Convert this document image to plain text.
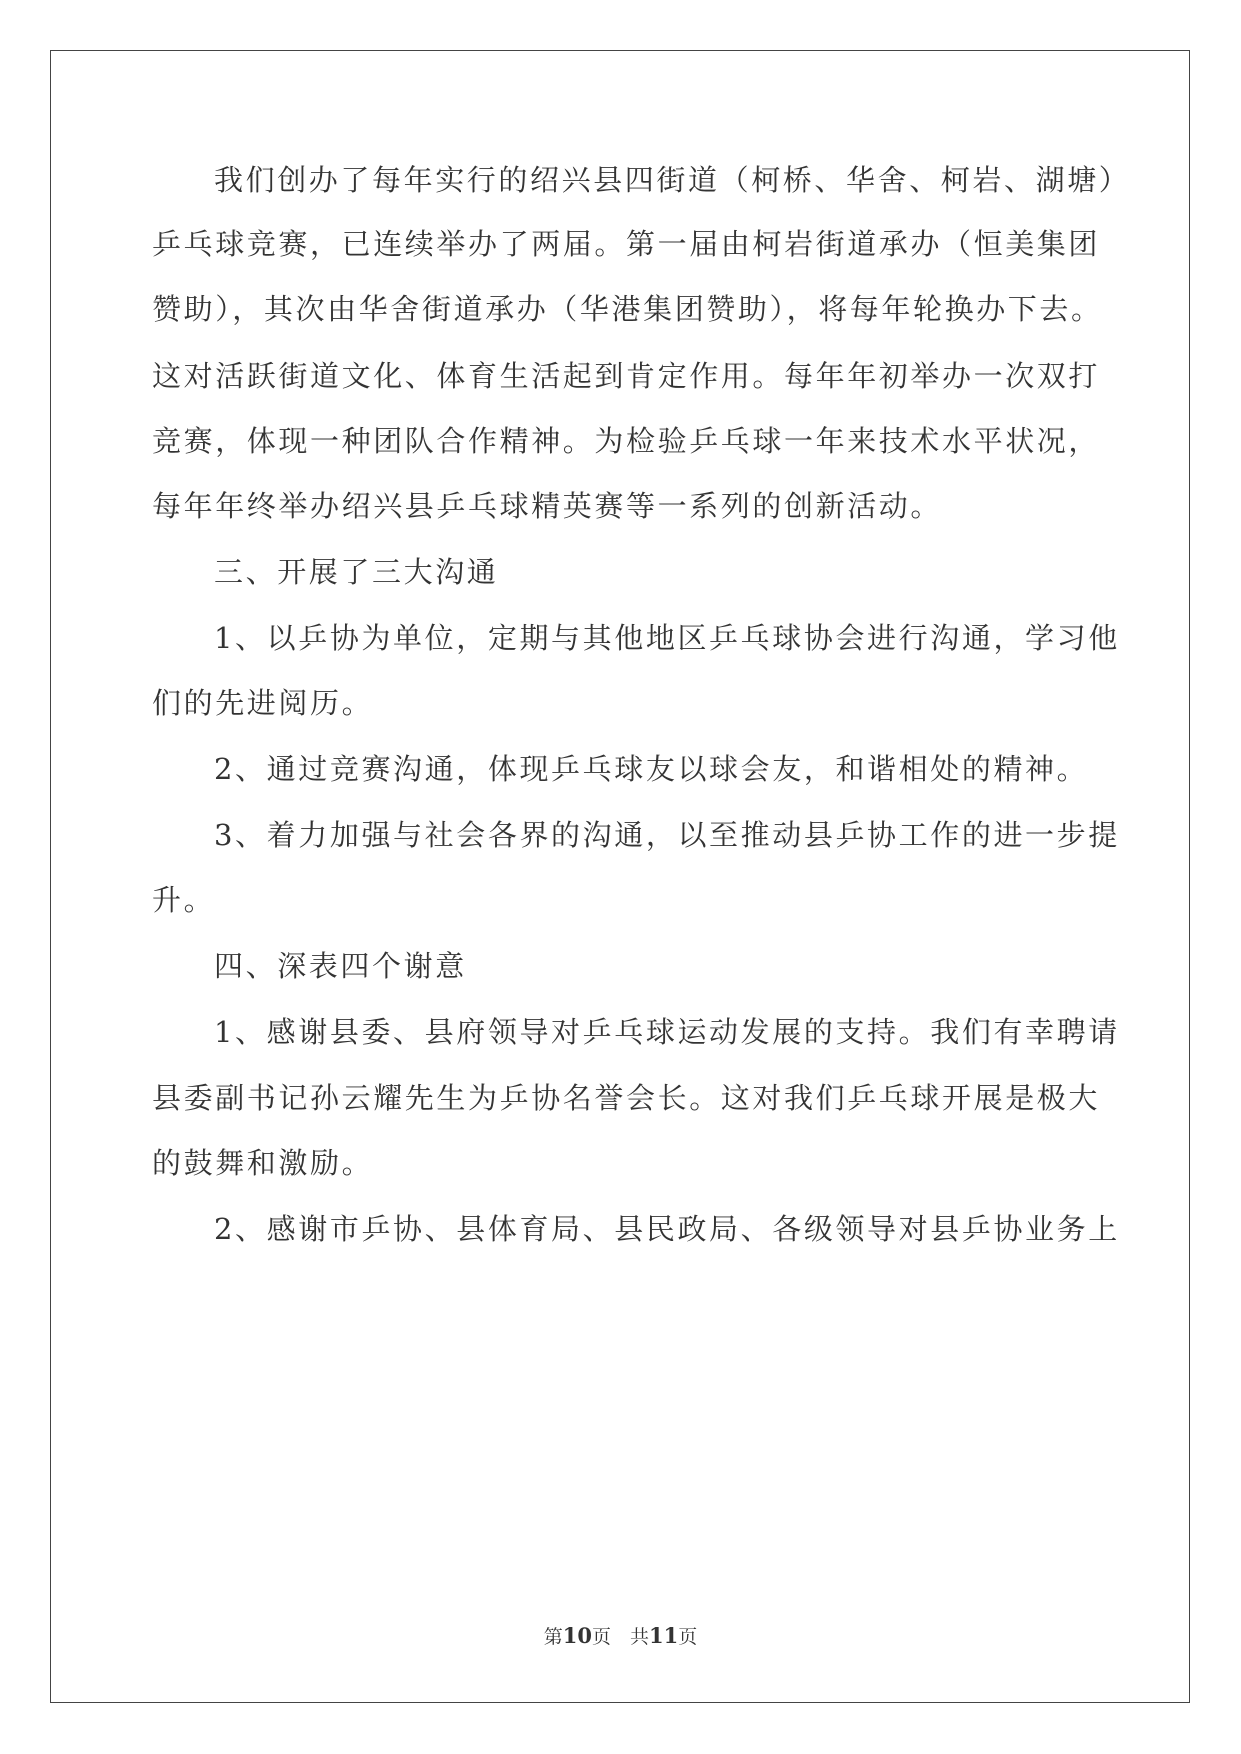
我们创办了每年实行的绍兴县四街道（柯桥、华舍、柯岩、湖塘）
乒乓球竞赛，已连续举办了两届。第一届由柯岩街道承办（恒美集团
赞助），其次由华舍街道承办（华港集团赞助），将每年轮换办下去。
这对活跃街道文化、体育生活起到肯定作用。每年年初举办一次双打
竞赛，体现一种团队合作精神。为检验乒乓球一年来技术水平状况，
每年年终举办绍兴县乒乓球精英赛等一系列的创新活动。
三、开展了三大沟通
1、以乒协为单位，定期与其他地区乒乓球协会进行沟通，学习他
们的先进阅历。
2、通过竞赛沟通，体现乒乓球友以球会友，和谐相处的精神。
3、着力加强与社会各界的沟通，以至推动县乒协工作的进一步提
升。
四、深表四个谢意
1、感谢县委、县府领导对乒乓球运动发展的支持。我们有幸聘请
县委副书记孙云耀先生为乒协名誉会长。这对我们乒乓球开展是极大
的鼓舞和激励。
2、感谢市乒协、县体育局、县民政局、各级领导对县乒协业务上
第10页　共11页
